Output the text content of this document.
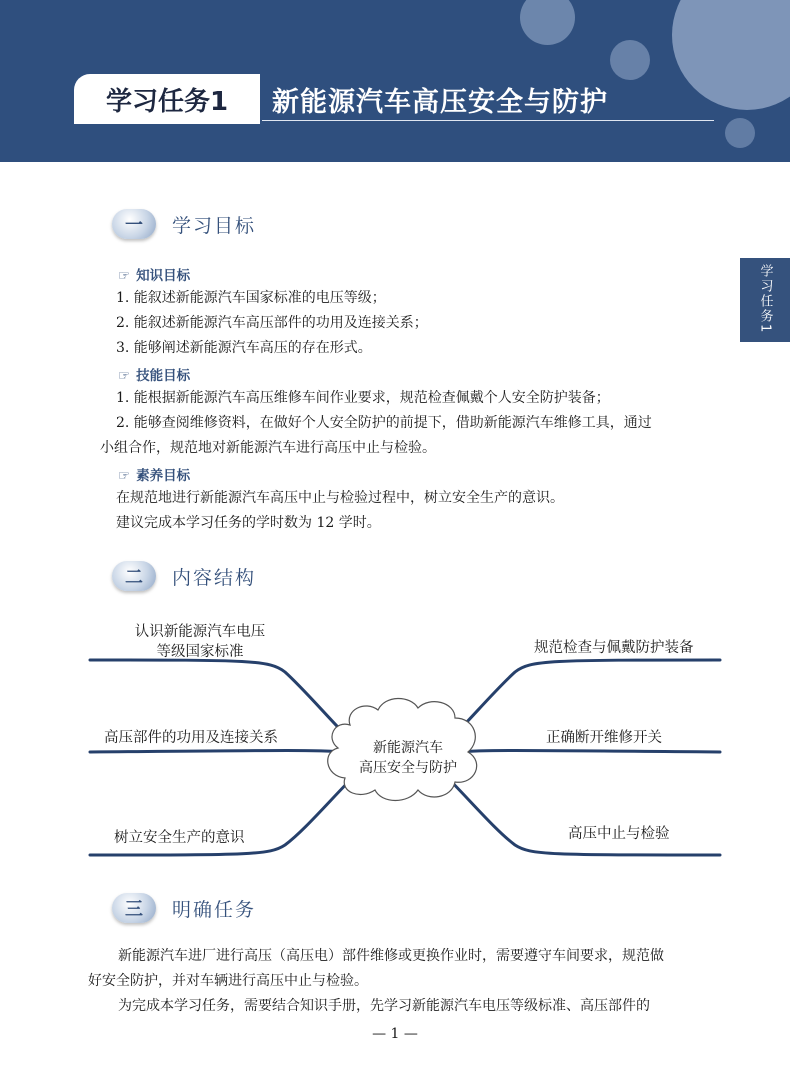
学习任务1	新能源汽车高压安全与防护
学习任务1
一	学习目标
☞ 知识目标
1. 能叙述新能源汽车国家标准的电压等级；
2. 能叙述新能源汽车高压部件的功用及连接关系；
3. 能够阐述新能源汽车高压的存在形式。
☞ 技能目标
1. 能根据新能源汽车高压维修车间作业要求，规范检查佩戴个人安全防护装备；
2. 能够查阅维修资料，在做好个人安全防护的前提下，借助新能源汽车维修工具，通过
小组合作，规范地对新能源汽车进行高压中止与检验。
☞ 素养目标
在规范地进行新能源汽车高压中止与检验过程中，树立安全生产的意识。
建议完成本学习任务的学时数为 12 学时。
二	内容结构
新能源汽车
高压安全与防护
认识新能源汽车电压
等级国家标准
高压部件的功用及连接关系
树立安全生产的意识
规范检查与佩戴防护装备
正确断开维修开关
高压中止与检验
三	明确任务
新能源汽车进厂进行高压（高压电）部件维修或更换作业时，需要遵守车间要求，规范做
好安全防护，并对车辆进行高压中止与检验。
为完成本学习任务，需要结合知识手册，先学习新能源汽车电压等级标准、高压部件的
— 1 —
